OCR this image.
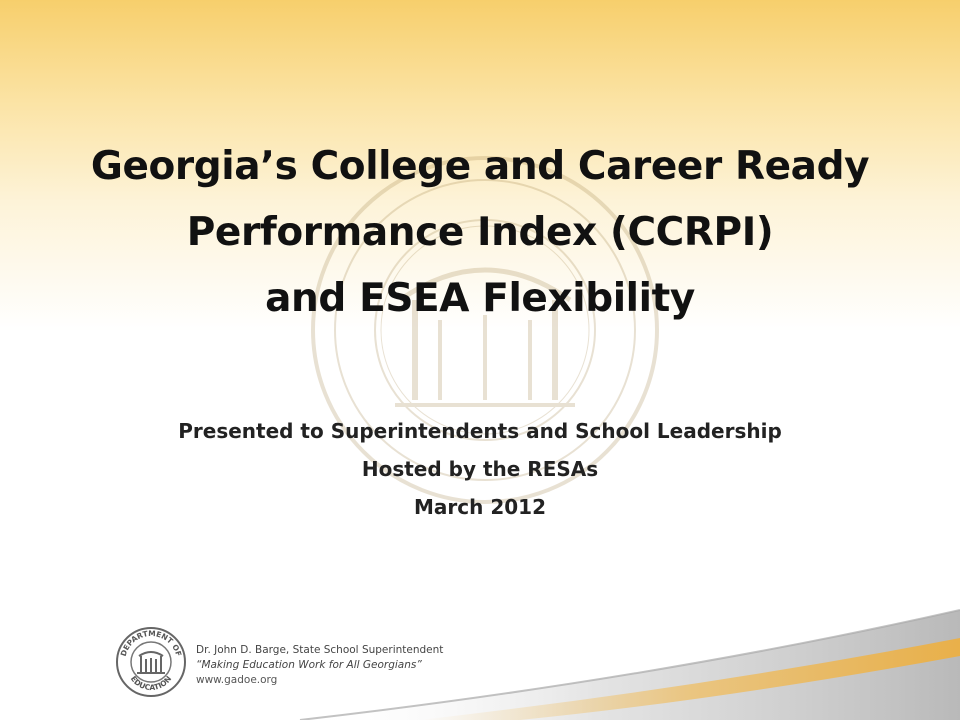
Georgia’s College and Career Ready
Performance Index (CCRPI)
and ESEA Flexibility
Presented to Superintendents and School Leadership
Hosted by the RESAs
March 2012
DEPARTMENT OF
EDUCATION
Dr. John D. Barge, State School Superintendent
“Making Education Work for All Georgians”
www.gadoe.org
